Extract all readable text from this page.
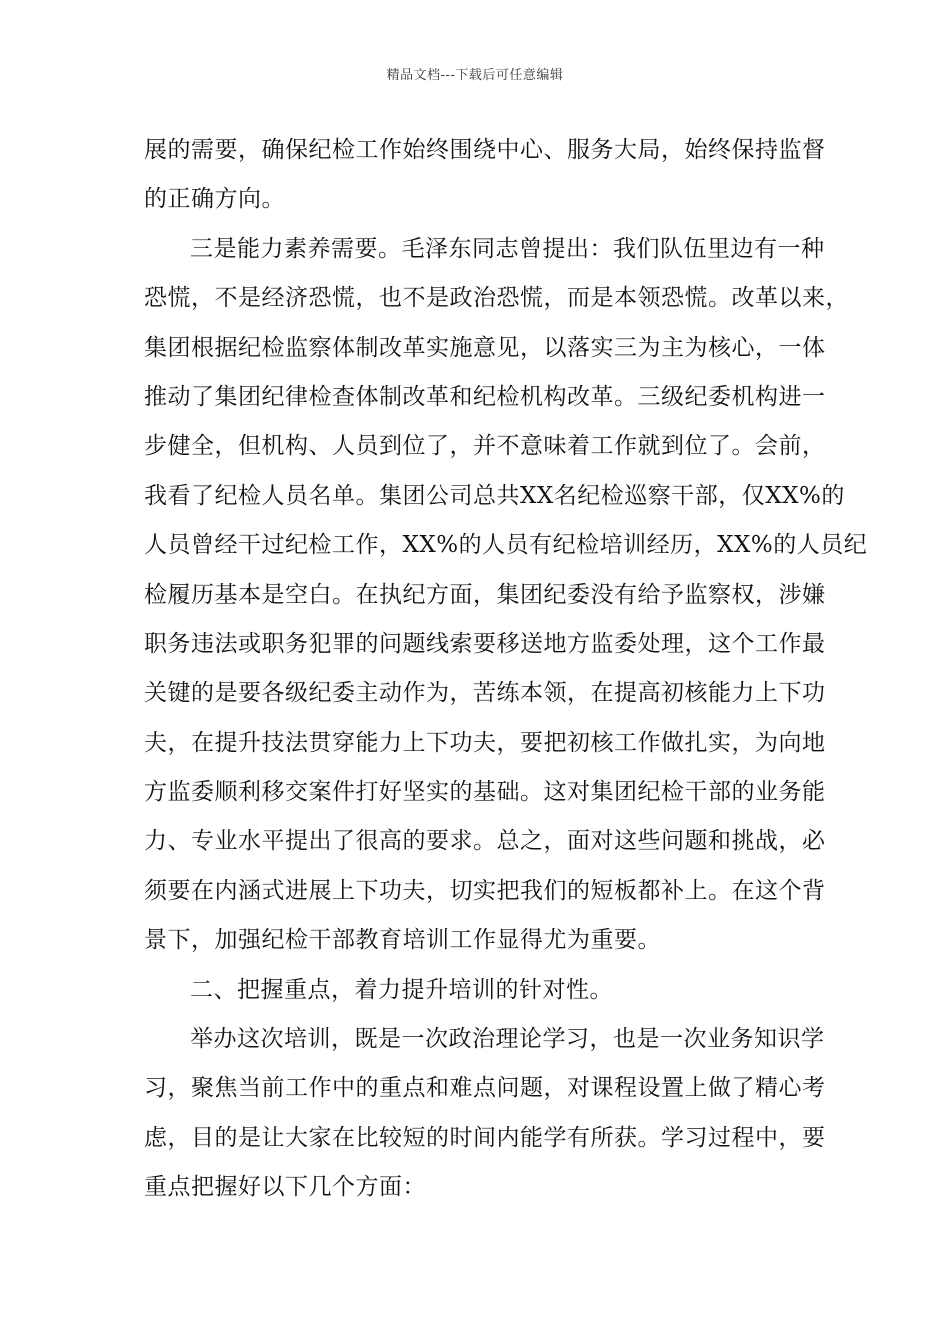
精品文档---下载后可任意编辑
展的需要，确保纪检工作始终围绕中心、服务大局，始终保持监督
的正确方向。
三是能力素养需要。毛泽东同志曾提出：我们队伍里边有一种
恐慌，不是经济恐慌，也不是政治恐慌，而是本领恐慌。改革以来，
集团根据纪检监察体制改革实施意见，以落实三为主为核心，一体
推动了集团纪律检查体制改革和纪检机构改革。三级纪委机构进一
步健全，但机构、人员到位了，并不意味着工作就到位了。会前，
我看了纪检人员名单。集团公司总共XX名纪检巡察干部，仅XX%的
人员曾经干过纪检工作，XX%的人员有纪检培训经历，XX%的人员纪
检履历基本是空白。在执纪方面，集团纪委没有给予监察权，涉嫌
职务违法或职务犯罪的问题线索要移送地方监委处理，这个工作最
关键的是要各级纪委主动作为，苦练本领，在提高初核能力上下功
夫，在提升技法贯穿能力上下功夫，要把初核工作做扎实，为向地
方监委顺利移交案件打好坚实的基础。这对集团纪检干部的业务能
力、专业水平提出了很高的要求。总之，面对这些问题和挑战，必
须要在内涵式进展上下功夫，切实把我们的短板都补上。在这个背
景下，加强纪检干部教育培训工作显得尤为重要。
二、把握重点，着力提升培训的针对性。
举办这次培训，既是一次政治理论学习，也是一次业务知识学
习，聚焦当前工作中的重点和难点问题，对课程设置上做了精心考
虑，目的是让大家在比较短的时间内能学有所获。学习过程中，要
重点把握好以下几个方面：
